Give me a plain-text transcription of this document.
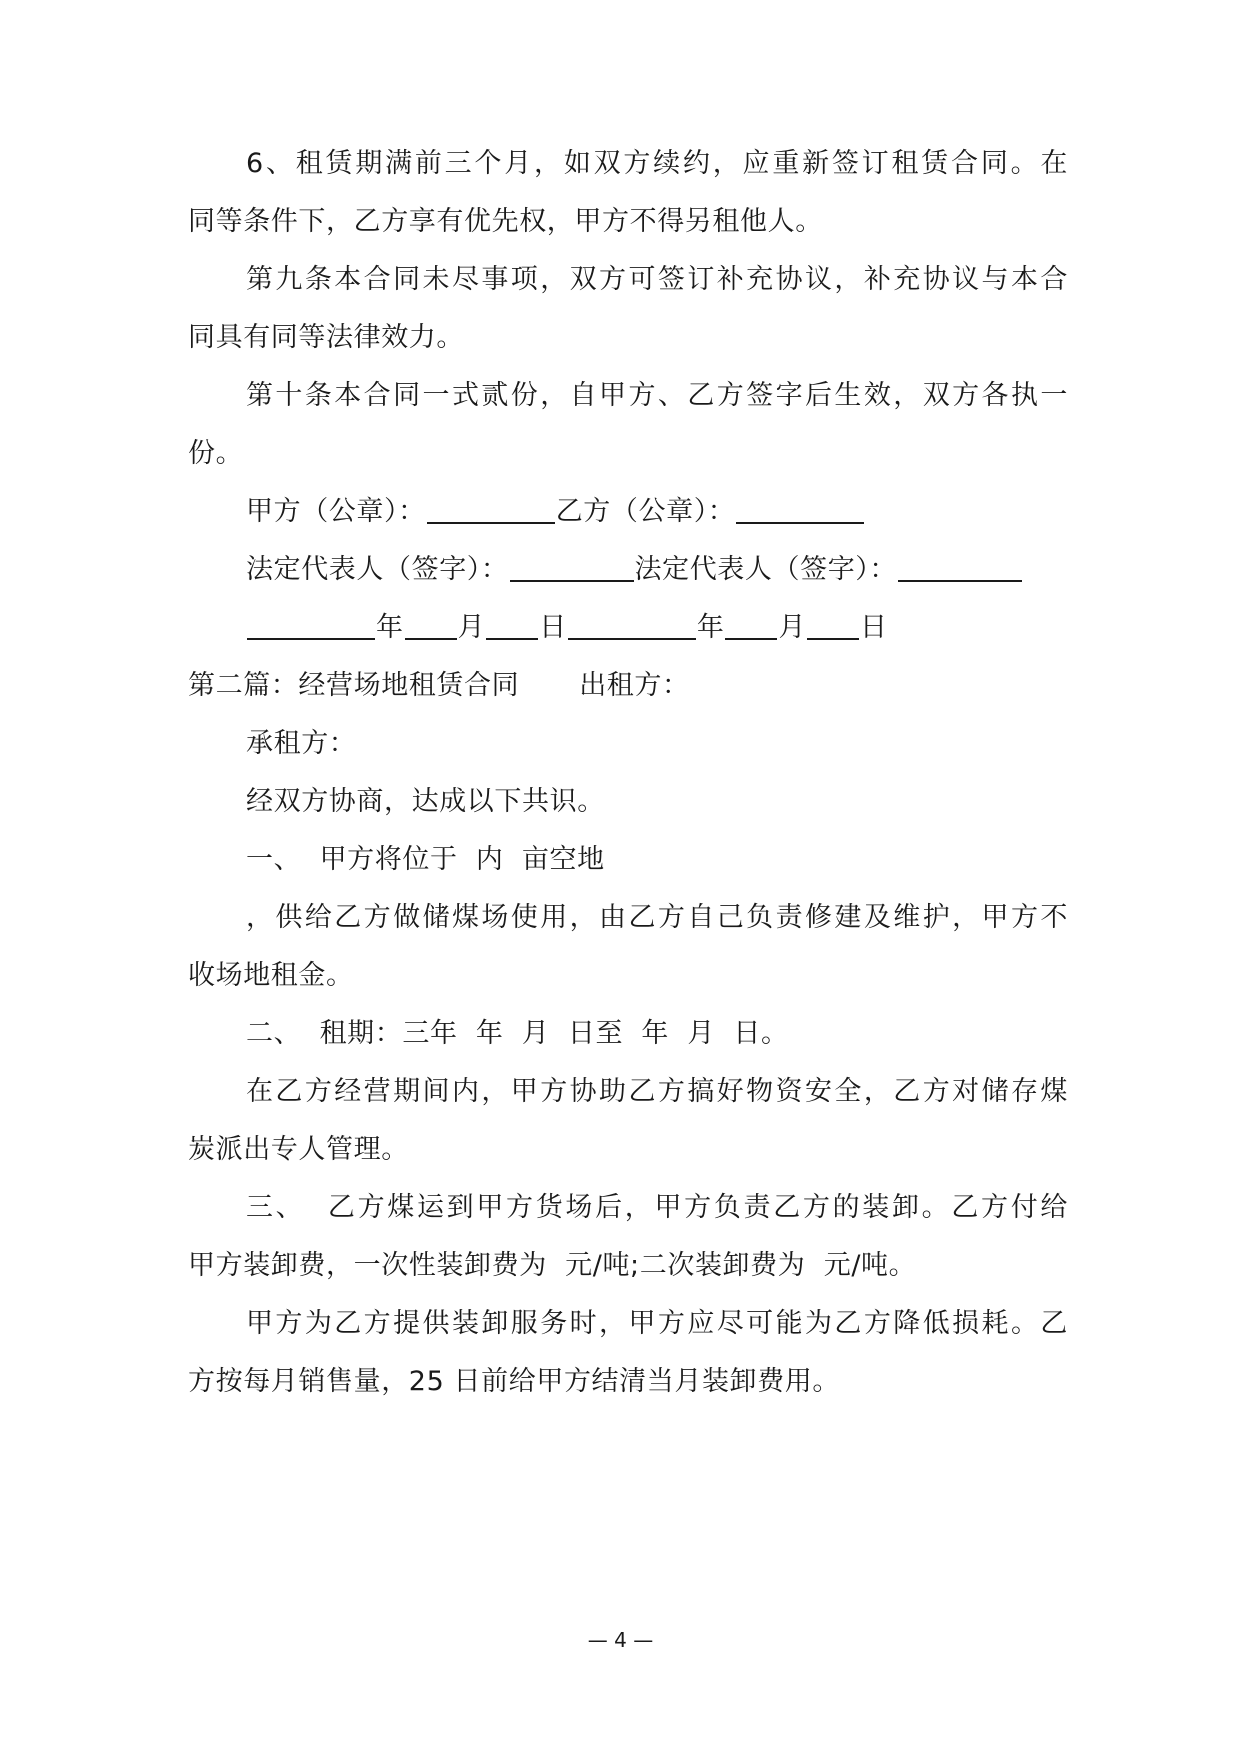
6、租赁期满前三个月，如双方续约，应重新签订租赁合同。在
同等条件下，乙方享有优先权，甲方不得另租他人。
第九条本合同未尽事项，双方可签订补充协议，补充协议与本合
同具有同等法律效力。
第十条本合同一式贰份，自甲方、乙方签字后生效，双方各执一
份。
甲方（公章）：	乙方（公章）：
法定代表人（签字）：	法定代表人（签字）：
年 月 日	年 月 日
第二篇：经营场地租赁合同 出租方：
承租方：
经双方协商，达成以下共识。
一、  甲方将位于  内  亩空地
，供给乙方做储煤场使用，由乙方自己负责修建及维护，甲方不
收场地租金。
二、  租期：三年  年  月  日至  年  月  日。
在乙方经营期间内，甲方协助乙方搞好物资安全，乙方对储存煤
炭派出专人管理。
三、  乙方煤运到甲方货场后，甲方负责乙方的装卸。乙方付给
甲方装卸费，一次性装卸费为  元/吨;二次装卸费为  元/吨。
甲方为乙方提供装卸服务时，甲方应尽可能为乙方降低损耗。乙
方按每月销售量，25 日前给甲方结清当月装卸费用。
— 4 —
